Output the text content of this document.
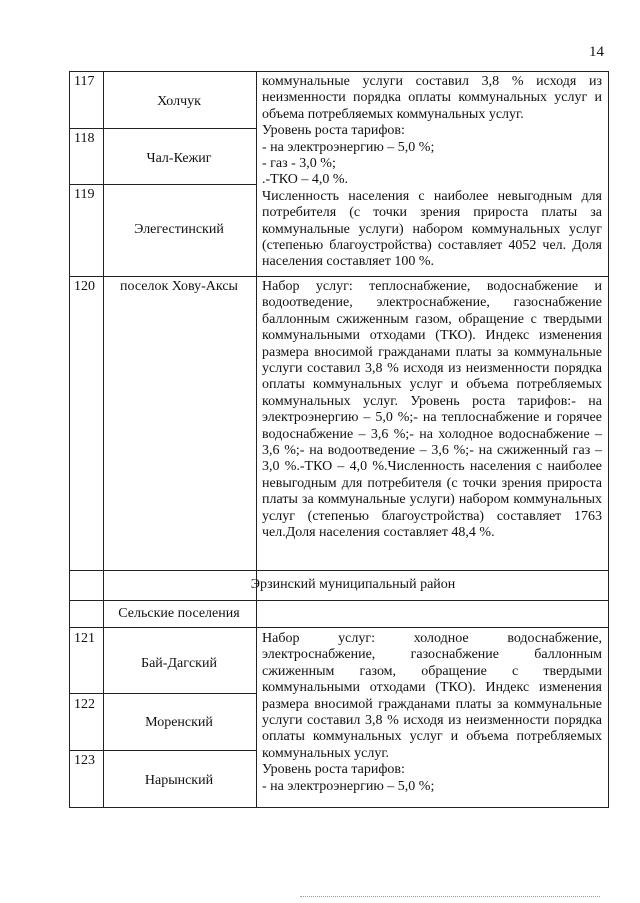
14
117
Холчук
118
Чал-Кежиг
119
Элегестинский
120	поселок Хову-Аксы
Эрзинский муниципальный район
Сельские поселения
121
Бай-Дагский
122
Моренский
123
Нарынский

коммунальные услуги составил 3,8 % исходя из неизменности порядка оплаты коммунальных услуг и объема потребляемых коммунальных услуг.
Уровень роста тарифов:
- на электроэнергию – 5,0 %;
- газ - 3,0 %;
.-ТКО – 4,0 %.
Численность населения с наиболее невыгодным для потребителя (с точки зрения прироста платы за коммунальные услуги) набором коммунальных услуг (степенью благоустройства) составляет 4052 чел. Доля населения составляет 100 %.

Набор услуг: теплоснабжение, водоснабжение и водоотведение, электроснабжение, газоснабжение баллонным сжиженным газом, обращение с твердыми коммунальными отходами (ТКО). Индекс изменения размера вносимой гражданами платы за коммунальные услуги составил 3,8 % исходя из неизменности порядка оплаты коммунальных услуг и объема потребляемых коммунальных услуг. Уровень роста тарифов:- на электроэнергию – 5,0 %;- на теплоснабжение и горячее водоснабжение – 3,6 %;- на холодное водоснабжение – 3,6 %;- на водоотведение – 3,6 %;- на сжиженный газ – 3,0 %.-ТКО – 4,0 %.Численность населения с наиболее невыгодным для потребителя (с точки зрения прироста платы за коммунальные услуги) набором коммунальных услуг (степенью благоустройства) составляет 1763 чел.Доля населения составляет 48,4 %.

Набор услуг: холодное водоснабжение, электроснабжение, газоснабжение баллонным сжиженным газом, обращение с твердыми коммунальными отходами (ТКО). Индекс изменения размера вносимой гражданами платы за коммунальные услуги составил 3,8 % исходя из неизменности порядка оплаты коммунальных услуг и объема потребляемых коммунальных услуг.
Уровень роста тарифов:
- на электроэнергию – 5,0 %;
